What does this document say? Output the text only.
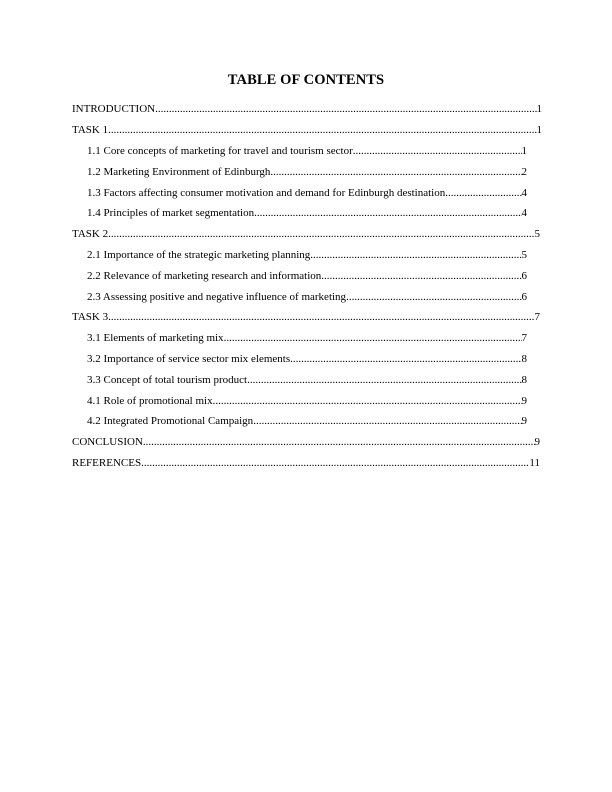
TABLE OF CONTENTS
INTRODUCTION .....	1
TASK 1 .....	1
1.1 Core concepts of marketing for travel and tourism sector .....	1
1.2 Marketing Environment of Edinburgh .....	2
1.3 Factors affecting consumer motivation and demand for Edinburgh destination .....	4
1.4 Principles of market segmentation .....	4
TASK 2 .....	5
2.1 Importance of the strategic marketing planning .....	5
2.2 Relevance of marketing research and information .....	6
2.3 Assessing positive and negative influence of marketing .....	6
TASK 3 .....	7
3.1 Elements of marketing mix .....	7
3.2 Importance of service sector mix elements .....	8
3.3 Concept of total tourism product .....	8
4.1 Role of promotional mix .....	9
4.2 Integrated Promotional Campaign .....	9
CONCLUSION .....	9
REFERENCES .....	11
